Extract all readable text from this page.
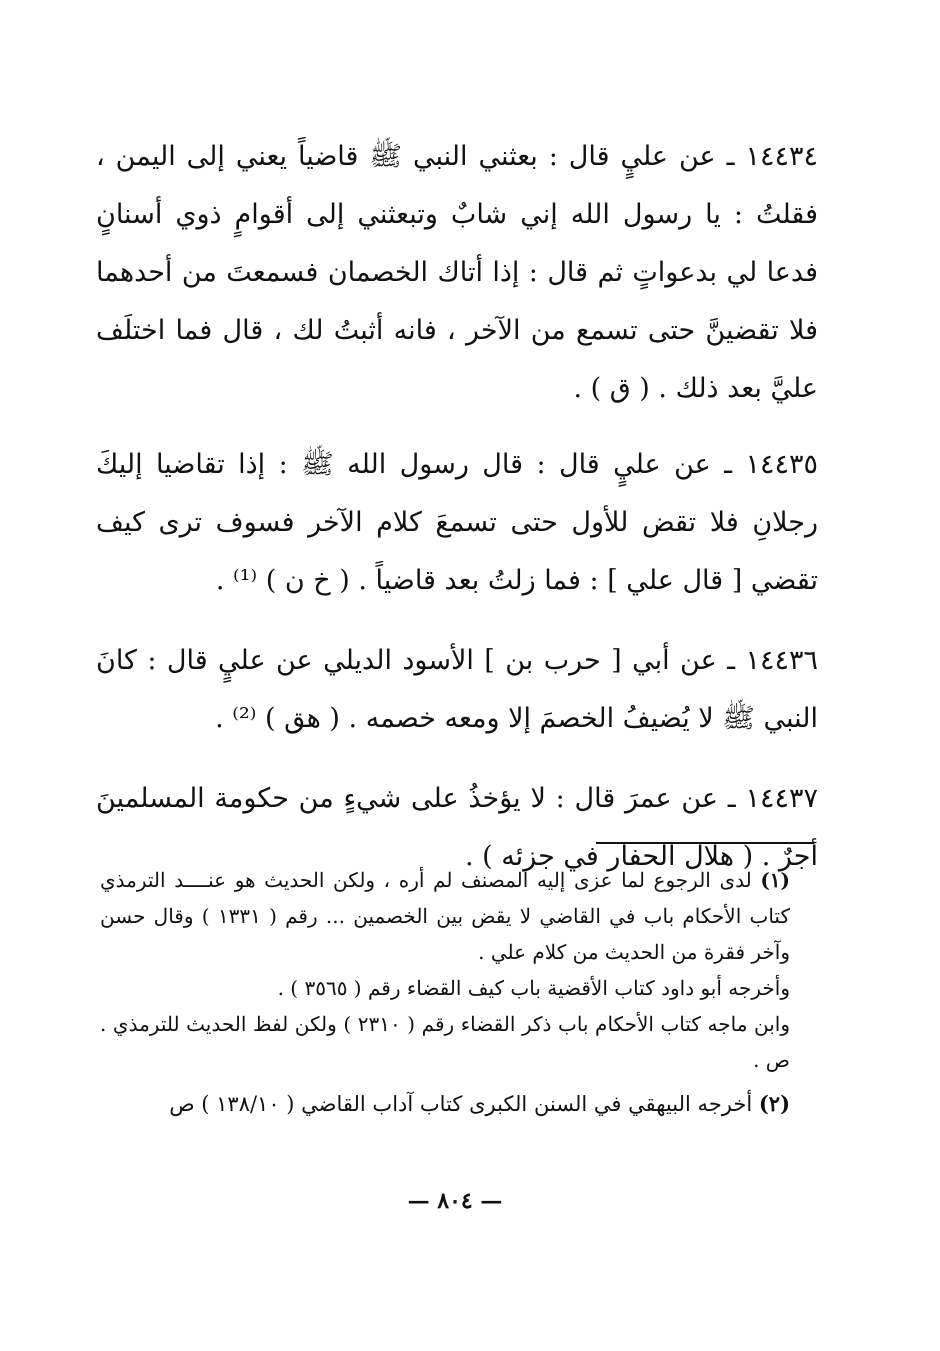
١٤٤٣٤ ـ عن عليٍ قال : بعثني النبي ﷺ قاضياً يعني إلى اليمن ، فقلتُ : يا رسول الله إني شابٌ وتبعثني إلى أقوامٍ ذوي أسنانٍ فدعا لي بدعواتٍ ثم قال : إذا أتاك الخصمان فسمعتَ من أحدهما فلا تقضينَّ حتى تسمع من الآخر ، فانه أثبتُ لك ، قال فما اختلَف عليَّ بعد ذلك . ( ق ) .

١٤٤٣٥ ـ عن عليٍ قال : قال رسول الله ﷺ : إذا تقاضيا إليكَ رجلانِ فلا تقض للأول حتى تسمعَ كلام الآخر فسوف ترى كيف تقضي [ قال علي ] : فما زلتُ بعد قاضياً . ( خ ن ) ⁽¹⁾ .

١٤٤٣٦ ـ عن أبي [ حرب بن ] الأسود الديلي عن عليٍ قال : كانَ النبي ﷺ لا يُضيفُ الخصمَ إلا ومعه خصمه . ( هق ) ⁽²⁾ .

١٤٤٣٧ ـ عن عمرَ قال : لا يؤخذُ على شيءٍ من حكومة المسلمينَ أجرٌ . ( هلال الحفار في جزئه ) .

(١) لدى الرجوع لما عزى إليه المصنف لم أره ، ولكن الحديث هو عنــــد الترمذي كتاب الأحكام باب في القاضي لا يقض بين الخصمين ... رقم ( ١٣٣١ ) وقال حسن وآخر فقرة من الحديث من كلام علي .

وأخرجه أبو داود كتاب الأقضية باب كيف القضاء رقم ( ٣٥٦٥ ) .

وابن ماجه كتاب الأحكام باب ذكر القضاء رقم ( ٢٣١٠ ) ولكن لفظ الحديث للترمذي . ص .

(٢) أخرجه البيهقي في السنن الكبرى كتاب آداب القاضي ( ١٣٨/١٠ ) ص
— ٨٠٤ —
